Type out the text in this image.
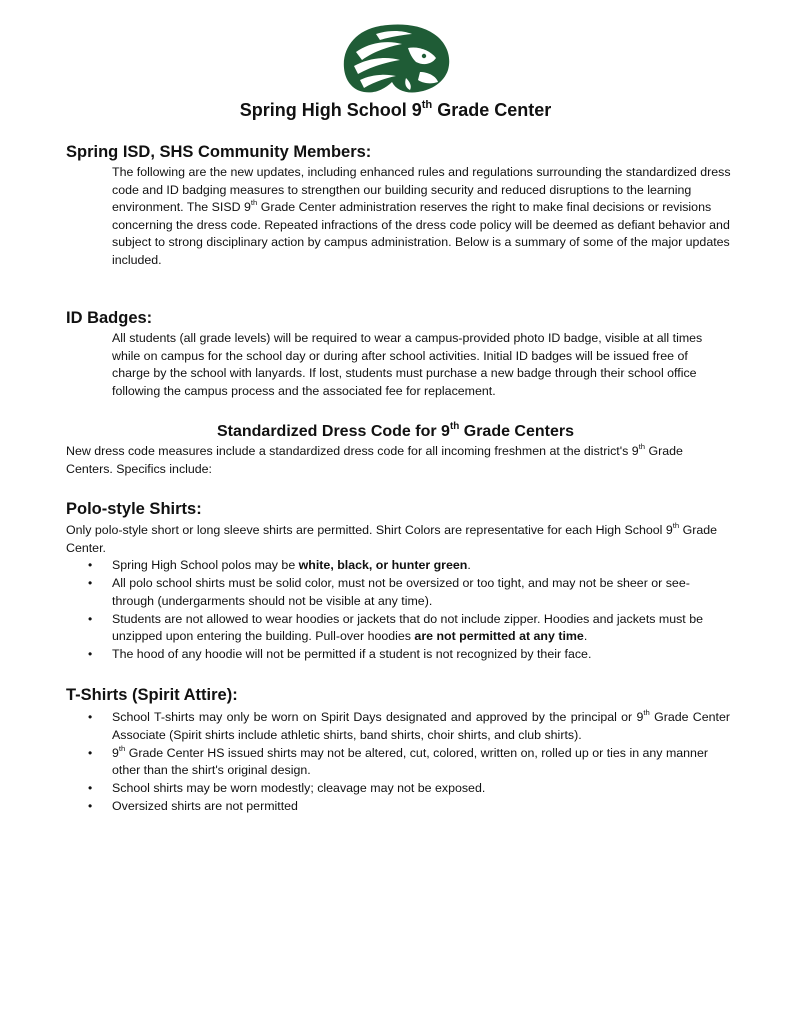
Spring High School 9th Grade Center
Spring ISD, SHS Community Members:

The following are the new updates, including enhanced rules and regulations surrounding the standardized dress code and ID badging measures to strengthen our building security and reduced disruptions to the learning environment. The SISD 9th Grade Center administration reserves the right to make final decisions or revisions concerning the dress code. Repeated infractions of the dress code policy will be deemed as defiant behavior and subject to strong disciplinary action by campus administration. Below is a summary of some of the major updates included.

ID Badges:

All students (all grade levels) will be required to wear a campus-provided photo ID badge, visible at all times while on campus for the school day or during after school activities. Initial ID badges will be issued free of charge by the school with lanyards. If lost, students must purchase a new badge through their school office following the campus process and the associated fee for replacement.

Standardized Dress Code for 9th Grade Centers

New dress code measures include a standardized dress code for all incoming freshmen at the district's 9th Grade Centers. Specifics include:

Polo-style Shirts:

Only polo-style short or long sleeve shirts are permitted. Shirt Colors are representative for each High School 9th Grade Center.

• Spring High School polos may be white, black, or hunter green.
• All polo school shirts must be solid color, must not be oversized or too tight, and may not be sheer or see-through (undergarments should not be visible at any time).
• Students are not allowed to wear hoodies or jackets that do not include zipper. Hoodies and jackets must be unzipped upon entering the building. Pull-over hoodies are not permitted at any time.
• The hood of any hoodie will not be permitted if a student is not recognized by their face.
T-Shirts (Spirit Attire):
• School T-shirts may only be worn on Spirit Days designated and approved by the principal or 9th Grade Center Associate (Spirit shirts include athletic shirts, band shirts, choir shirts, and club shirts).
• 9th Grade Center HS issued shirts may not be altered, cut, colored, written on, rolled up or ties in any manner other than the shirt's original design.
• School shirts may be worn modestly; cleavage may not be exposed.
• Oversized shirts are not permitted
